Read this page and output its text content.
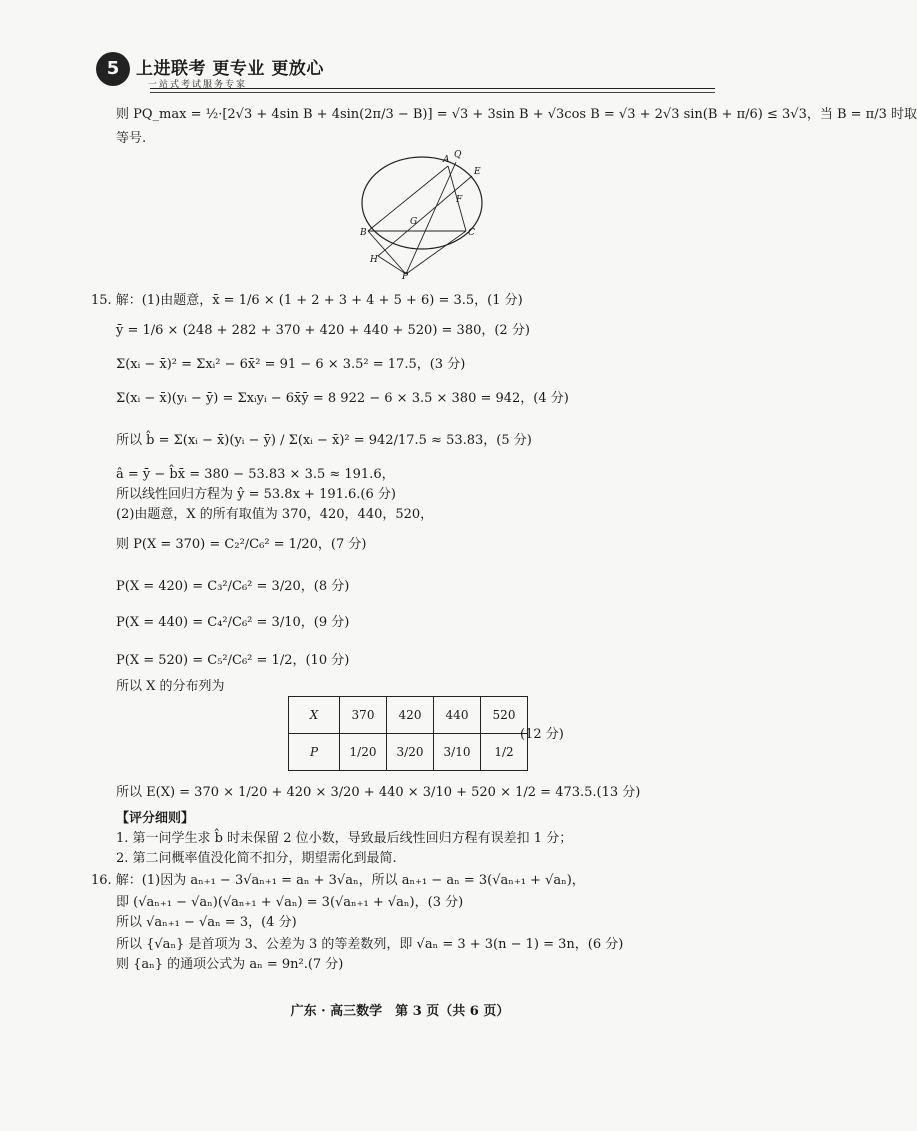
5 上进联考 更专业 更放心
一站式考试服务专家
则 PQ_max = ½·[2√3 + 4sin B + 4sin(2π/3 − B)] = √3 + 3sin B + √3cos B = √3 + 2√3 sin(B + π/6) ≤ 3√3，当 B = π/3 时取
等号.
A Q
E
F
G
B	C
H
P
15. 解：(1)由题意，x̄ = 1/6 × (1 + 2 + 3 + 4 + 5 + 6) = 3.5，(1 分)
ȳ = 1/6 × (248 + 282 + 370 + 420 + 440 + 520) = 380，(2 分)
Σ(xᵢ − x̄)² = Σxᵢ² − 6x̄² = 91 − 6 × 3.5² = 17.5，(3 分)
Σ(xᵢ − x̄)(yᵢ − ȳ) = Σxᵢyᵢ − 6x̄ȳ = 8 922 − 6 × 3.5 × 380 = 942，(4 分)
所以 b̂ = Σ(xᵢ − x̄)(yᵢ − ȳ) / Σ(xᵢ − x̄)² = 942/17.5 ≈ 53.83，(5 分)
â = ȳ − b̂x̄ = 380 − 53.83 × 3.5 ≈ 191.6，
所以线性回归方程为 ŷ = 53.8x + 191.6.(6 分)
(2)由题意，X 的所有取值为 370，420，440，520，
则 P(X = 370) = C₂²/C₆² = 1/20，(7 分)
P(X = 420) = C₃²/C₆² = 3/20，(8 分)
P(X = 440) = C₄²/C₆² = 3/10，(9 分)
P(X = 520) = C₅²/C₆² = 1/2，(10 分)
所以 X 的分布列为
X	370	420	440	520
P	1/20	3/20	3/10	1/2
(12 分)
所以 E(X) = 370 × 1/20 + 420 × 3/20 + 440 × 3/10 + 520 × 1/2 = 473.5.(13 分)
【评分细则】
1. 第一问学生求 b̂ 时未保留 2 位小数，导致最后线性回归方程有误差扣 1 分；
2. 第二问概率值没化简不扣分，期望需化到最简.
16. 解：(1)因为 aₙ₊₁ − 3√aₙ₊₁ = aₙ + 3√aₙ，所以 aₙ₊₁ − aₙ = 3(√aₙ₊₁ + √aₙ)，
即 (√aₙ₊₁ − √aₙ)(√aₙ₊₁ + √aₙ) = 3(√aₙ₊₁ + √aₙ)，(3 分)
所以 √aₙ₊₁ − √aₙ = 3，(4 分)
所以 {√aₙ} 是首项为 3、公差为 3 的等差数列，即 √aₙ = 3 + 3(n − 1) = 3n，(6 分)
则 {aₙ} 的通项公式为 aₙ = 9n².(7 分)
广东 · 高三数学　第 3 页（共 6 页）
